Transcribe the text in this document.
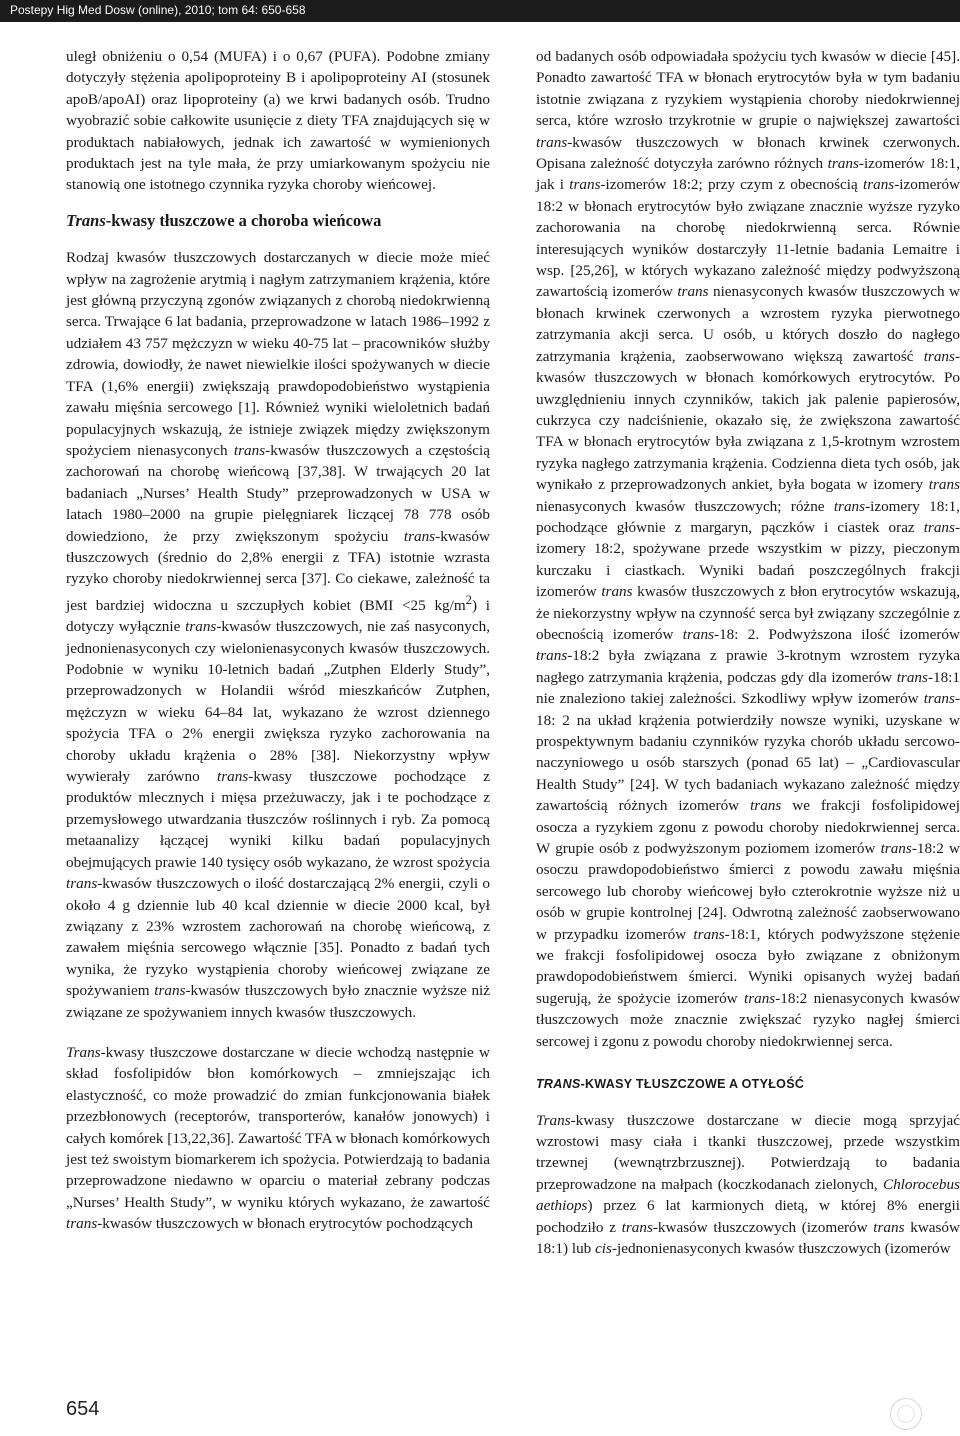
Postepy Hig Med Dosw (online), 2010; tom 64: 650-658

uległ obniżeniu o 0,54 (MUFA) i o 0,67 (PUFA). Podobne zmiany dotyczyły stężenia apolipoproteiny B i apolipoproteiny AI (stosunek apoB/apoAI) oraz lipoproteiny (a) we krwi badanych osób. Trudno wyobrazić sobie całkowite usunięcie z diety TFA znajdujących się w produktach nabiałowych, jednak ich zawartość w wymienionych produktach jest na tyle mała, że przy umiarkowanym spożyciu nie stanowią one istotnego czynnika ryzyka choroby wieńcowej.

Trans-kwasy tłuszczowe a choroba wieńcowa

Rodzaj kwasów tłuszczowych dostarczanych w diecie może mieć wpływ na zagrożenie arytmią i nagłym zatrzymaniem krążenia, które jest główną przyczyną zgonów związanych z chorobą niedokrwienną serca. Trwające 6 lat badania, przeprowadzone w latach 1986–1992 z udziałem 43 757 mężczyzn w wieku 40-75 lat – pracowników służby zdrowia, dowiodły, że nawet niewielkie ilości spożywanych w diecie TFA (1,6% energii) zwiększają prawdopodobieństwo wystąpienia zawału mięśnia sercowego [1]. Również wyniki wieloletnich badań populacyjnych wskazują, że istnieje związek między zwiększonym spożyciem nienasyconych trans-kwasów tłuszczowych a częstością zachorowań na chorobę wieńcową [37,38]. W trwających 20 lat badaniach „Nurses’ Health Study” przeprowadzonych w USA w latach 1980–2000 na grupie pielęgniarek liczącej 78 778 osób dowiedziono, że przy zwiększonym spożyciu trans-kwasów tłuszczowych (średnio do 2,8% energii z TFA) istotnie wzrasta ryzyko choroby niedokrwiennej serca [37]. Co ciekawe, zależność ta jest bardziej widoczna u szczupłych kobiet (BMI <25 $kg/m^2$) i dotyczy wyłącznie trans-kwasów tłuszczowych, nie zaś nasyconych, jednonienasyconych czy wielonienasyconych kwasów tłuszczowych. Podobnie w wyniku 10-letnich badań „Zutphen Elderly Study”, przeprowadzonych w Holandii wśród mieszkańców Zutphen, mężczyzn w wieku 64–84 lat, wykazano że wzrost dziennego spożycia TFA o 2% energii zwiększa ryzyko zachorowania na choroby układu krążenia o 28% [38]. Niekorzystny wpływ wywierały zarówno trans-kwasy tłuszczowe pochodzące z produktów mlecznych i mięsa przeżuwaczy, jak i te pochodzące z przemysłowego utwardzania tłuszczów roślinnych i ryb. Za pomocą metaanalizy łączącej wyniki kilku badań populacyjnych obejmujących prawie 140 tysięcy osób wykazano, że wzrost spożycia trans-kwasów tłuszczowych o ilość dostarczającą 2% energii, czyli o około 4 g dziennie lub 40 kcal dziennie w diecie 2000 kcal, był związany z 23% wzrostem zachorowań na chorobę wieńcową, z zawałem mięśnia sercowego włącznie [35]. Ponadto z badań tych wynika, że ryzyko wystąpienia choroby wieńcowej związane ze spożywaniem trans-kwasów tłuszczowych było znacznie wyższe niż związane ze spożywaniem innych kwasów tłuszczowych.

Trans-kwasy tłuszczowe dostarczane w diecie wchodzą następnie w skład fosfolipidów błon komórkowych – zmniejszając ich elastyczność, co może prowadzić do zmian funkcjonowania białek przezbłonowych (receptorów, transporterów, kanałów jonowych) i całych komórek [13,22,36]. Zawartość TFA w błonach komórkowych jest też swoistym biomarkerem ich spożycia. Potwierdzają to badania przeprowadzone niedawno w oparciu o materiał zebrany podczas „Nurses’ Health Study”, w wyniku których wykazano, że zawartość trans-kwasów tłuszczowych w błonach erytrocytów pochodzących

od badanych osób odpowiadała spożyciu tych kwasów w diecie [45]. Ponadto zawartość TFA w błonach erytrocytów była w tym badaniu istotnie związana z ryzykiem wystąpienia choroby niedokrwiennej serca, które wzrosło trzykrotnie w grupie o największej zawartości trans-kwasów tłuszczowych w błonach krwinek czerwonych. Opisana zależność dotyczyła zarówno różnych trans-izomerów 18:1, jak i trans-izomerów 18:2; przy czym z obecnością trans-izomerów 18:2 w błonach erytrocytów było związane znacznie wyższe ryzyko zachorowania na chorobę niedokrwienną serca. Równie interesujących wyników dostarczyły 11-letnie badania Lemaitre i wsp. [25,26], w których wykazano zależność między podwyższoną zawartością izomerów trans nienasyconych kwasów tłuszczowych w błonach krwinek czerwonych a wzrostem ryzyka pierwotnego zatrzymania akcji serca. U osób, u których doszło do nagłego zatrzymania krążenia, zaobserwowano większą zawartość trans-kwasów tłuszczowych w błonach komórkowych erytrocytów. Po uwzględnieniu innych czynników, takich jak palenie papierosów, cukrzyca czy nadciśnienie, okazało się, że zwiększona zawartość TFA w błonach erytrocytów była związana z 1,5-krotnym wzrostem ryzyka nagłego zatrzymania krążenia. Codzienna dieta tych osób, jak wynikało z przeprowadzonych ankiet, była bogata w izomery trans nienasyconych kwasów tłuszczowych; różne trans-izomery 18:1, pochodzące głównie z margaryn, pączków i ciastek oraz trans-izomery 18:2, spożywane przede wszystkim w pizzy, pieczonym kurczaku i ciastkach. Wyniki badań poszczególnych frakcji izomerów trans kwasów tłuszczowych z błon erytrocytów wskazują, że niekorzystny wpływ na czynność serca był związany szczególnie z obecnością izomerów trans-18: 2. Podwyższona ilość izomerów trans-18:2 była związana z prawie 3-krotnym wzrostem ryzyka nagłego zatrzymania krążenia, podczas gdy dla izomerów trans-18:1 nie znaleziono takiej zależności. Szkodliwy wpływ izomerów trans-18: 2 na układ krążenia potwierdziły nowsze wyniki, uzyskane w prospektywnym badaniu czynników ryzyka chorób układu sercowo-naczyniowego u osób starszych (ponad 65 lat) – „Cardiovascular Health Study” [24]. W tych badaniach wykazano zależność między zawartością różnych izomerów trans we frakcji fosfolipidowej osocza a ryzykiem zgonu z powodu choroby niedokrwiennej serca. W grupie osób z podwyższonym poziomem izomerów trans-18:2 w osoczu prawdopodobieństwo śmierci z powodu zawału mięśnia sercowego lub choroby wieńcowej było czterokrotnie wyższe niż u osób w grupie kontrolnej [24]. Odwrotną zależność zaobserwowano w przypadku izomerów trans-18:1, których podwyższone stężenie we frakcji fosfolipidowej osocza było związane z obniżonym prawdopodobieństwem śmierci. Wyniki opisanych wyżej badań sugerują, że spożycie izomerów trans-18:2 nienasyconych kwasów tłuszczowych może znacznie zwiększać ryzyko nagłej śmierci sercowej i zgonu z powodu choroby niedokrwiennej serca.

TRANS-KWASY TŁUSZCZOWE A OTYŁOŚĆ

Trans-kwasy tłuszczowe dostarczane w diecie mogą sprzyjać wzrostowi masy ciała i tkanki tłuszczowej, przede wszystkim trzewnej (wewnątrzbrzusznej). Potwierdzają to badania przeprowadzone na małpach (koczkodanach zielonych, Chlorocebus aethiops) przez 6 lat karmionych dietą, w której 8% energii pochodziło z trans-kwasów tłuszczowych (izomerów trans kwasów 18:1) lub cis-jednonienasyconych kwasów tłuszczowych (izomerów

654
